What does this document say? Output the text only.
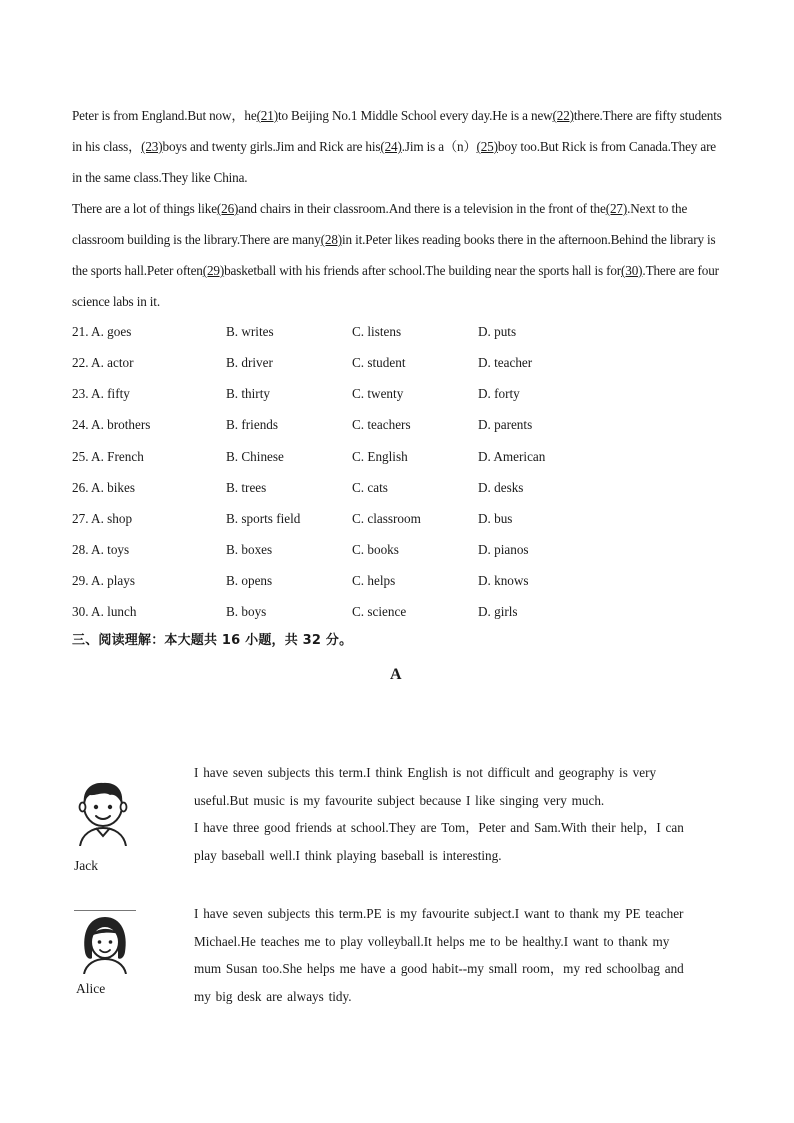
Peter is from England.But now，he(21)to Beijing No.1 Middle School every day.He is a new(22)there.There are fifty students in his class，(23)boys and twenty girls.Jim and Rick are his(24).Jim is a（n）(25)boy too.But Rick is from Canada.They are in the same class.They like China.

There are a lot of things like(26)and chairs in their classroom.And there is a television in the front of the(27).Next to the classroom building is the library.There are many(28)in it.Peter likes reading books there in the afternoon.Behind the library is the sports hall.Peter often(29)basketball with his friends after school.The building near the sports hall is for(30).There are four science labs in it.

21. A. goes	B. writes	C. listens	D. puts
22. A. actor	B. driver	C. student	D. teacher
23. A. fifty	B. thirty	C. twenty	D. forty
24. A. brothers	B. friends	C. teachers	D. parents
25. A. French	B. Chinese	C. English	D. American
26. A. bikes	B. trees	C. cats	D. desks
27. A. shop	B. sports field	C. classroom	D. bus
28. A. toys	B. boxes	C. books	D. pianos
29. A. plays	B. opens	C. helps	D. knows
30. A. lunch	B. boys	C. science	D. girls
三、阅读理解：本大题共 16 小题，共 32 分。
A
Jack

I have seven subjects this term.I think English is not difficult and geography is very useful.But music is my favourite subject because I like singing very much.

I have three good friends at school.They are Tom，Peter and Sam.With their help，I can play baseball well.I think playing baseball is interesting.

Alice

I have seven subjects this term.PE is my favourite subject.I want to thank my PE teacher Michael.He teaches me to play volleyball.It helps me to be healthy.I want to thank my mum Susan too.She helps me have a good habit--my small room，my red schoolbag and my big desk are always tidy.
